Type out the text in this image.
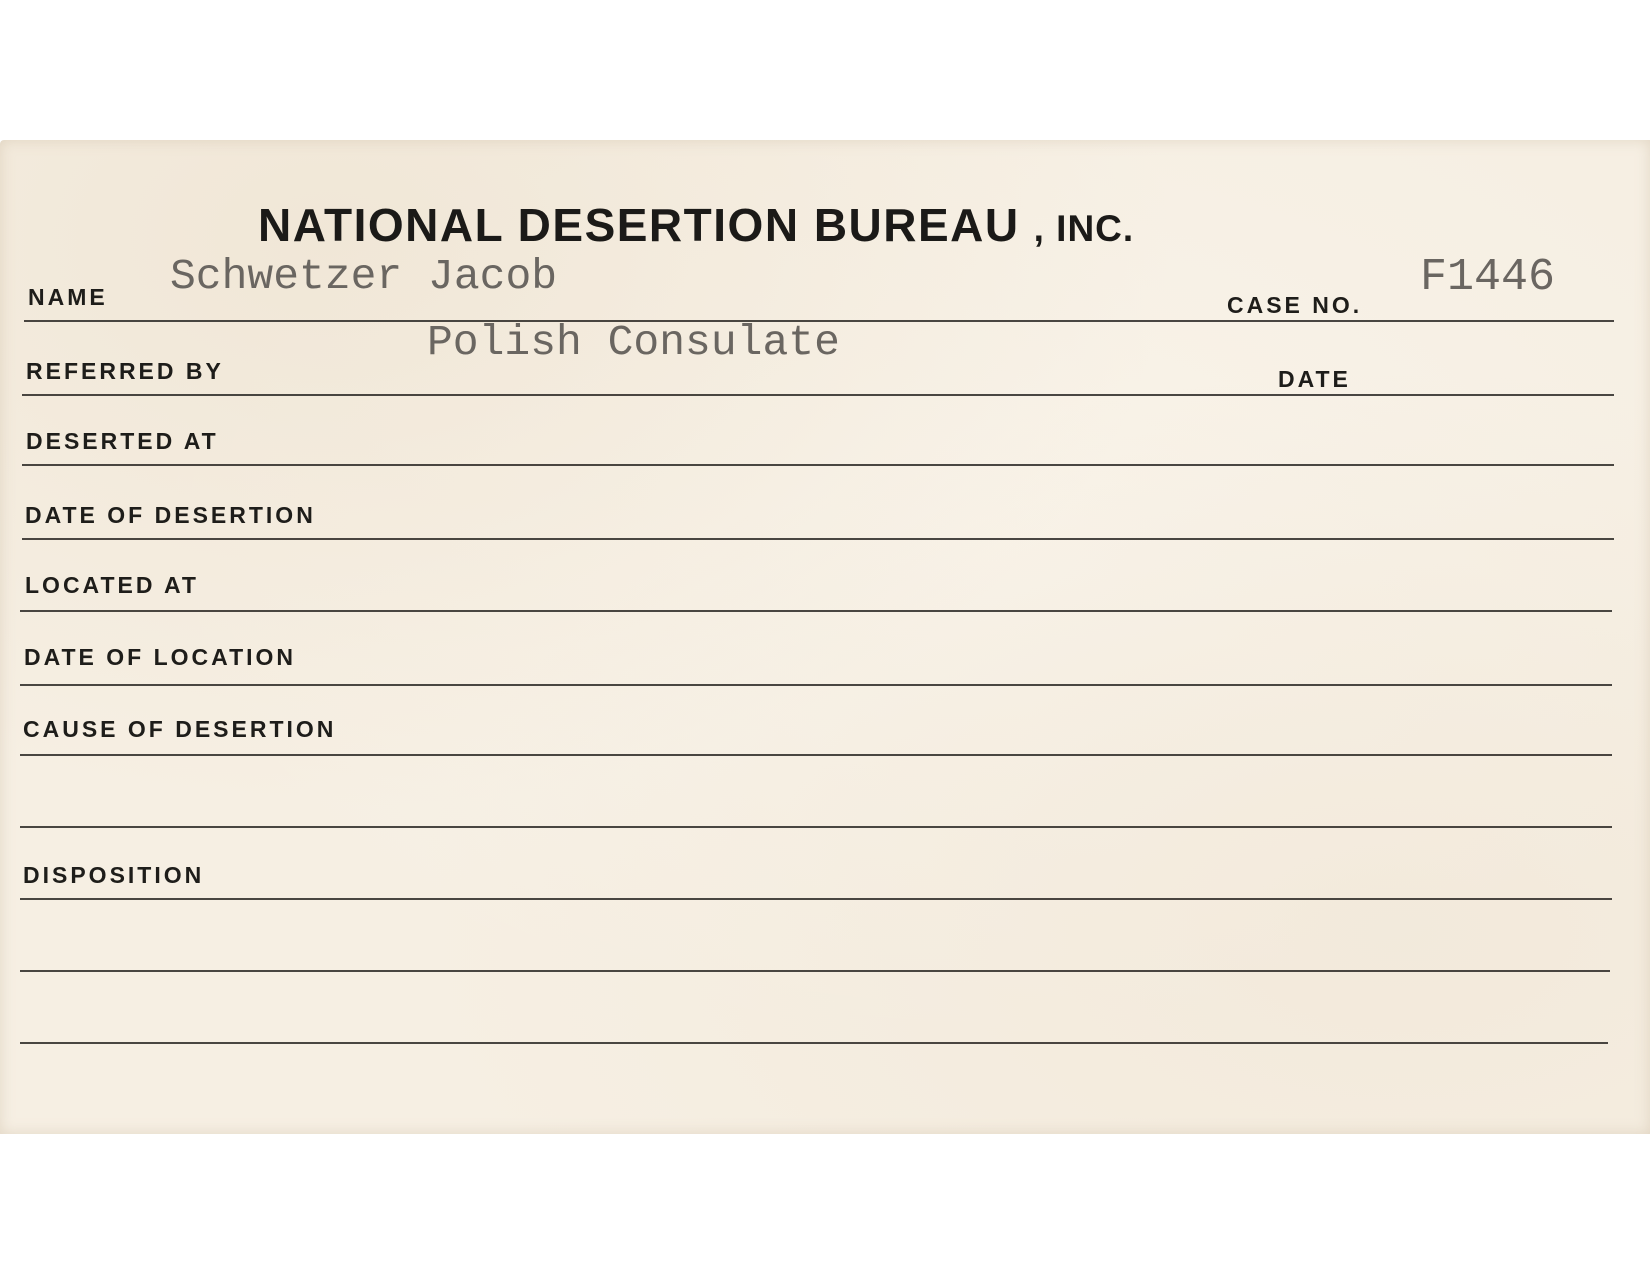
NATIONAL DESERTION BUREAU , INC.
NAME Schwetzer Jacob
CASE NO.
F1446
Polish Consulate
REFERRED BY	DATE
DESERTED AT
DATE OF DESERTION
LOCATED AT
DATE OF LOCATION
CAUSE OF DESERTION
DISPOSITION
